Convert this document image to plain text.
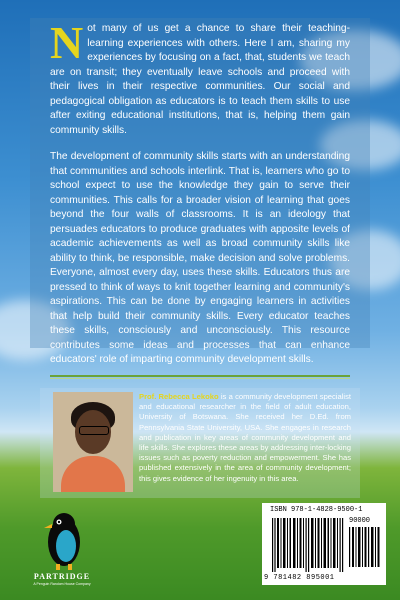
Not many of us get a chance to share their teaching-learning experiences with others. Here I am, sharing my experiences by focusing on a fact, that, students we teach are on transit; they eventually leave schools and proceed with their lives in their respective communities. Our social and pedagogical obligation as educators is to teach them skills to use after exiting educational institutions, that is, helping them gain community skills.
The development of community skills starts with an understanding that communities and schools interlink. That is, learners who go to school expect to use the knowledge they gain to serve their communities. This calls for a broader vision of learning that goes beyond the four walls of classrooms. It is an ideology that persuades educators to produce graduates with apposite levels of academic achievements as well as broad community skills like ability to think, be responsible, make decision and solve problems. Everyone, almost every day, uses these skills. Educators thus are pressed to think of ways to knit together learning and community's aspirations. This can be done by engaging learners in activities that help build their community skills. Every educator teaches these skills, consciously and unconsciously. This resource contributes some ideas and processes that can enhance educators' role of imparting community development skills.
Prof. Rebecca Lekoko is a community development specialist and educational researcher in the field of adult education, University of Botswana. She received her D.Ed. from Pennsylvania State University, USA. She engages in research and publication in key areas of community development and life skills. She explores these areas by addressing inter-locking issues such as poverty reduction and empowerment. She has published extensively in the area of community development; this gives evidence of her ingenuity in this area.
PARTRIDGE
A Penguin Random House Company
ISBN 978-1-4828-9500-1
90000
9 781482 895001
